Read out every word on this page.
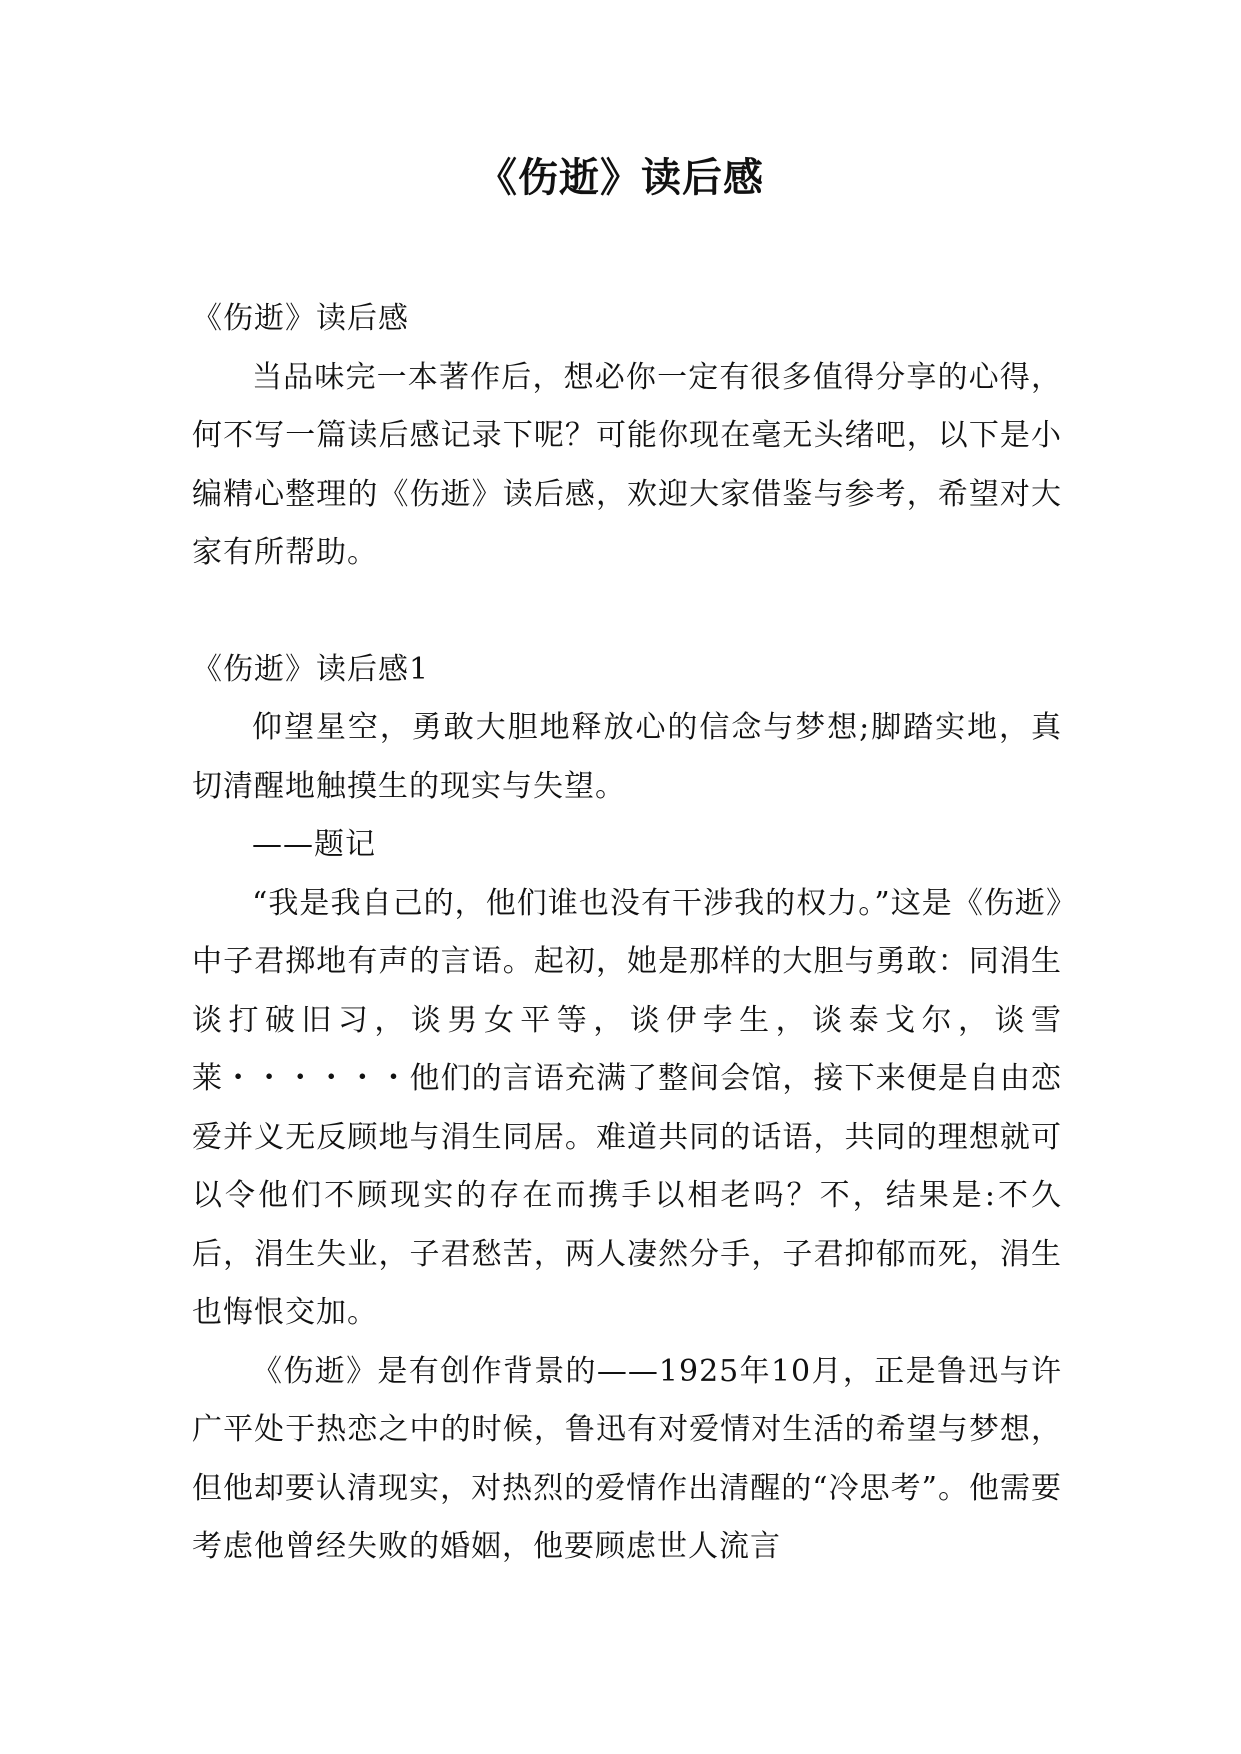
《伤逝》读后感

《伤逝》读后感

当品味完一本著作后，想必你一定有很多值得分享的心得，何不写一篇读后感记录下呢？可能你现在毫无头绪吧，以下是小编精心整理的《伤逝》读后感，欢迎大家借鉴与参考，希望对大家有所帮助。

《伤逝》读后感1

仰望星空，勇敢大胆地释放心的信念与梦想;脚踏实地，真切清醒地触摸生的现实与失望。

——题记

“我是我自己的，他们谁也没有干涉我的权力。”这是《伤逝》中子君掷地有声的言语。起初，她是那样的大胆与勇敢：同涓生谈打破旧习，谈男女平等，谈伊孛生，谈泰戈尔，谈雪莱・・・・・・他们的言语充满了整间会馆，接下来便是自由恋爱并义无反顾地与涓生同居。难道共同的话语，共同的理想就可以令他们不顾现实的存在而携手以相老吗？不，结果是:不久后，涓生失业，子君愁苦，两人凄然分手，子君抑郁而死，涓生也悔恨交加。

《伤逝》是有创作背景的——1925年10月，正是鲁迅与许广平处于热恋之中的时候，鲁迅有对爱情对生活的希望与梦想，但他却要认清现实，对热烈的爱情作出清醒的“冷思考”。他需要考虑他曾经失败的婚姻，他要顾虑世人流言
